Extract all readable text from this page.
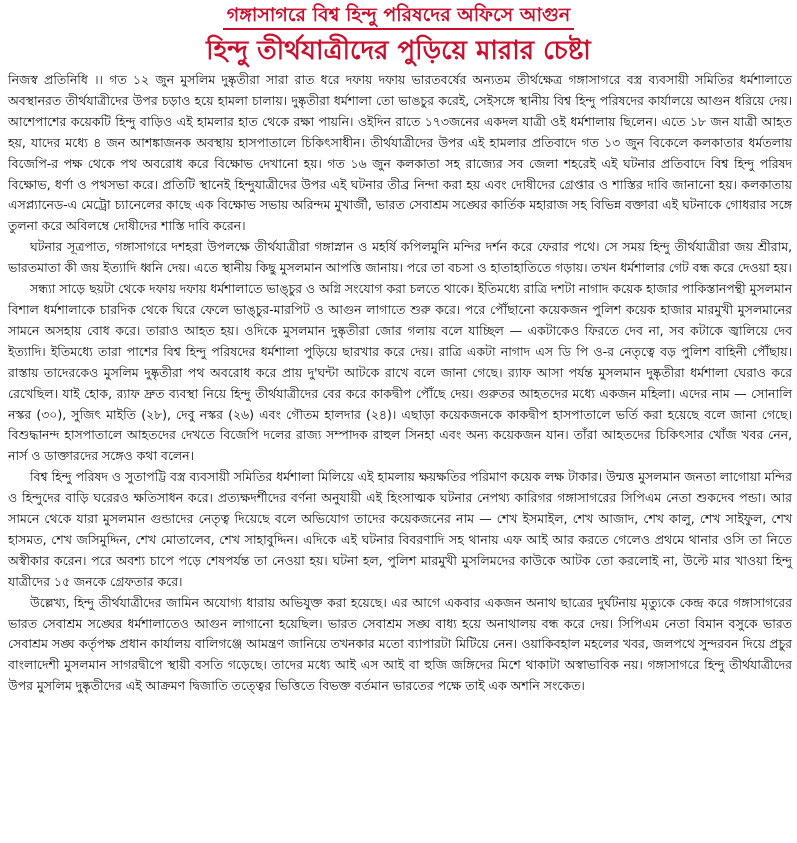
গঙ্গাসাগরে বিশ্ব হিন্দু পরিষদের অফিসে আগুন
হিন্দু তীর্থযাত্রীদের পুড়িয়ে মারার চেষ্টা

নিজস্ব প্রতিনিধি ।। গত ১২ জুন মুসলিম দুষ্কৃতীরা সারা রাত ধরে দফায় দফায় ভারতবর্ষের অন্যতম তীর্থক্ষেত্র গঙ্গাসাগরে বস্ত্র ব্যবসায়ী সমিতির ধর্মশালাতে অবস্থানরত তীর্থযাত্রীদের উপর চড়াও হয়ে হামলা চালায়। দুষ্কৃতীরা ধর্মশালা তো ভাঙচুর করেই, সেইসঙ্গে স্থানীয় বিশ্ব হিন্দু পরিষদের কার্যালয়ে আগুন ধরিয়ে দেয়। আশেপাশের কয়েকটি হিন্দু বাড়িও এই হামলার হাত থেকে রক্ষা পায়নি। ওইদিন রাতে ১৭৩জনের একদল যাত্রী ওই ধর্মশালায় ছিলেন। এতে ১৮ জন যাত্রী আহত হয়, যাদের মধ্যে ৪ জন আশঙ্কাজনক অবস্থায় হাসপাতালে চিকিৎসাধীন। তীর্থযাত্রীদের উপর এই হামলার প্রতিবাদে গত ১৩ জুন বিকেলে কলকাতার ধর্মতলায় বিজেপি-র পক্ষ থেকে পথ অবরোধ করে বিক্ষোভ দেখানো হয়। গত ১৬ জুন কলকাতা সহ রাজ্যের সব জেলা শহরেই এই ঘটনার প্রতিবাদে বিশ্ব হিন্দু পরিষদ বিক্ষোভ, ধর্ণা ও পথসভা করে। প্রতিটি স্থানেই হিন্দুযাত্রীদের উপর এই ঘটনার তীব্র নিন্দা করা হয় এবং দোষীদের গ্রেপ্তার ও শাস্তির দাবি জানানো হয়। কলকাতায় এসপ্ল্যানেড-এ মেট্রো চ্যানেলের কাছে এক বিক্ষোভ সভায় অরিন্দম মুখার্জী, ভারত সেবাশ্রম সঙ্ঘের কার্তিক মহারাজ সহ বিভিন্ন বক্তারা এই ঘটনাকে গোধরার সঙ্গে তুলনা করে অবিলম্বে দোষীদের শাস্তি দাবি করেন।

ঘটনার সূত্রপাত, গঙ্গাসাগরে দশহরা উপলক্ষে তীর্থযাত্রীরা গঙ্গাস্নান ও মহর্ষি কপিলমুনি মন্দির দর্শন করে ফেরার পথে। সে সময় হিন্দু তীর্থযাত্রীরা জয় শ্রীরাম, ভারতমাতা কী জয় ইত্যাদি ধ্বনি দেয়। এতে স্থানীয় কিছু মুসলমান আপত্তি জানায়। পরে তা বচসা ও হাতাহাতিতে গড়ায়। তখন ধর্মশালার গেট বন্ধ করে দেওয়া হয়।

সন্ধ্যা সাড়ে ছয়টা থেকে দফায় দফায় ধর্মশালাতে ভাঙ্চুর ও অগ্নি সংযোগ করা চলতে থাকে। ইতিমধ্যে রাত্রি দশটা নাগাদ কয়েক হাজার পাকিস্তানপন্থী মুসলমান বিশাল ধর্মশালাকে চারদিক থেকে ঘিরে ফেলে ভাঙ্চুর-মারপিট ও আগুন লাগাতে শুরু করে। পরে পৌঁছানো কয়েকজন পুলিশ কয়েক হাজার মারমুখী মুসলমানের সামনে অসহায় বোধ করে। তারাও আহত হয়। ওদিকে মুসলমান দুষ্কৃতীরা জোর গলায় বলে যাচ্ছিল — একটাকেও ফিরতে দেব না, সব কটাকে জ্বালিয়ে দেব ইত্যাদি। ইতিমধ্যে তারা পাশের বিশ্ব হিন্দু পরিষদের ধর্মশালা পুড়িয়ে ছারখার করে দেয়। রাত্রি একটা নাগাদ এস ডি পি ও-র নেতৃত্বে বড় পুলিশ বাহিনী পৌঁছায়। রাস্তায় তাদেরকেও মুসলিম দুষ্কৃতীরা পথ অবরোধ করে প্রায় দু'ঘন্টা আটকে রাখে বলে জানা গেছে। র‍্যাফ আসা পর্যন্ত মুসলমান দুষ্কৃতীরা ধর্মশালা ঘেরাও করে রেখেছিল। যাই হোক, র‍্যাফ দ্রুত ব্যবস্থা নিয়ে হিন্দু তীর্থযাত্রীদের বের করে কাকদ্বীপ পৌঁছে দেয়। গুরুতর আহতদের মধ্যে একজন মহিলা। এদের নাম — সোনালি নস্কর (৩০), সুজিৎ মাইতি (২৮), দেবু নস্কর (২৬) এবং গৌতম হালদার (২৪)। এছাড়া কয়েকজনকে কাকদ্বীপ হাসপাতালে ভর্তি করা হয়েছে বলে জানা গেছে। বিশুদ্ধানন্দ হাসপাতালে আহতদের দেখতে বিজেপি দলের রাজ্য সম্পাদক রাহুল সিনহা এবং অন্য কয়েকজন যান। তাঁরা আহতদের চিকিৎসার খোঁজ খবর নেন, নার্স ও ডাক্তারদের সঙ্গেও কথা বলেন।

বিশ্ব হিন্দু পরিষদ ও সুতাপট্টি বস্ত্র ব্যবসায়ী সমিতির ধর্মশালা মিলিয়ে এই হামলায় ক্ষয়ক্ষতির পরিমাণ কয়েক লক্ষ টাকার। উন্মত্ত মুসলমান জনতা লাগোয়া মন্দির ও হিন্দুদের বাড়ি ঘরেরও ক্ষতিসাধন করে। প্রত্যক্ষদর্শীদের বর্ণনা অনুযায়ী এই হিংসাত্মক ঘটনার নেপথ্য কারিগর গঙ্গাসাগরের সিপিএম নেতা শুকদেব পন্ডা। আর সামনে থেকে যারা মুসলমান গুন্ডাদের নেতৃত্ব দিয়েছে বলে অভিযোগ তাদের কয়েকজনের নাম — শেখ ইসমাইল, শেখ আজাদ, শেখ কালু, শেখ সাইফুল, শেখ হাসমত, শেখ জসিমুদ্দিন, শেখ মোতালেব, শেখ সাহাবুদ্দিন। এদিকে এই ঘটনার বিবরণাদি সহ থানায় এফ আই আর করতে গেলেও প্রথমে থানার ওসি তা নিতে অস্বীকার করেন। পরে অবশ্য চাপে পড়ে শেষপর্যন্ত তা নেওয়া হয়। ঘটনা হল, পুলিশ মারমুখী মুসলিমদের কাউকে আটক তো করলোই না, উল্টে মার খাওয়া হিন্দু যাত্রীদের ১৫ জনকে গ্রেফতার করে।

উল্লেখ্য, হিন্দু তীর্থযাত্রীদের জামিন অযোগ্য ধারায় অভিযুক্ত করা হয়েছে। এর আগে একবার একজন অনাথ ছাত্রের দুর্ঘটনায় মৃত্যুকে কেন্দ্র করে গঙ্গাসাগরের ভারত সেবাশ্রম সঙ্ঘের ধর্মশালাতেও আগুন লাগানো হয়েছিল। ভারত সেবাশ্রম সঙ্ঘ বাধ্য হয়ে অনাথালয় বন্ধ করে দেয়। সিপিএম নেতা বিমান বসুকে ভারত সেবাশ্রম সঙ্ঘ কর্তৃপক্ষ প্রধান কার্যালয় বালিগঞ্জে আমন্ত্রণ জানিয়ে তখনকার মতো ব্যাপারটা মিটিয়ে নেন। ওয়াকিবহাল মহলের খবর, জলপথে সুন্দরবন দিয়ে প্রচুর বাংলাদেশী মুসলমান সাগরদ্বীপে স্থায়ী বসতি গড়েছে। তাদের মধ্যে আই এস আই বা হুজি জঙ্গিদের মিশে থাকাটা অস্বাভাবিক নয়। গঙ্গাসাগরে হিন্দু তীর্থযাত্রীদের উপর মুসলিম দুষ্কৃতীদের এই আক্রমণ দ্বিজাতি তত্ত্বের ভিত্তিতে বিভক্ত বর্তমান ভারতের পক্ষে তাই এক অশনি সংকেত।
